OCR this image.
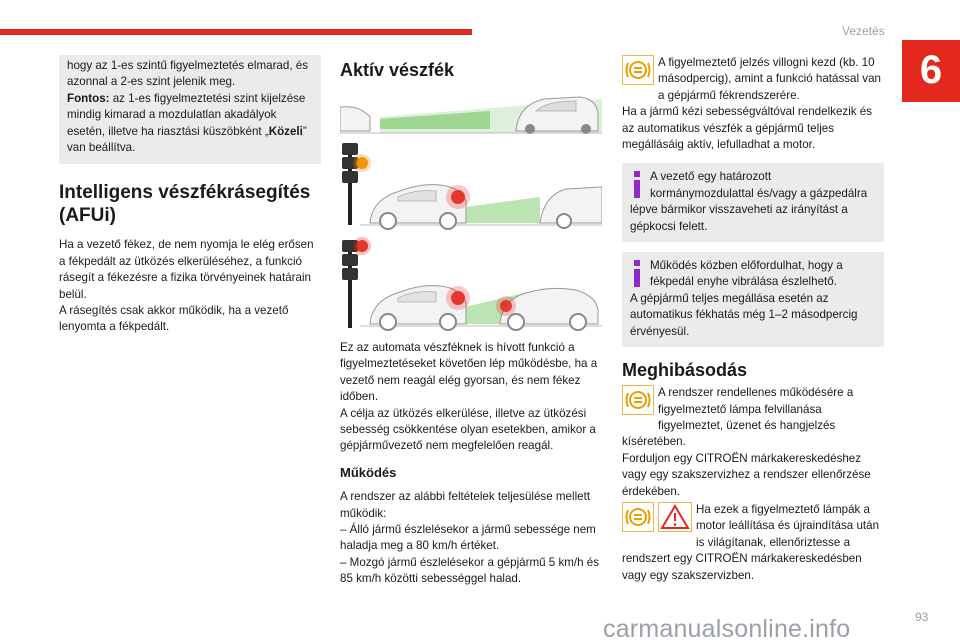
Vezetés
6

hogy az 1-es szintű figyelmeztetés elmarad, és azonnal a 2-es szint jelenik meg.

Fontos: az 1-es figyelmeztetési szint kijelzése mindig kimarad a mozdulatlan akadályok esetén, illetve ha riasztási küszöbként „Közeli” van beállítva.

Intelligens vészfékrásegítés (AFUi)

Ha a vezető fékez, de nem nyomja le elég erősen a fékpedált az ütközés elkerüléséhez, a funkció rásegít a fékezésre a fizika törvényeinek határain belül.

A rásegítés csak akkor működik, ha a vezető lenyomta a fékpedált.

Aktív vészfék

Ez az automata vészféknek is hívott funkció a figyelmeztetéseket követően lép működésbe, ha a vezető nem reagál elég gyorsan, és nem fékez időben.

A célja az ütközés elkerülése, illetve az ütközési sebesség csökkentése olyan esetekben, amikor a gépjárművezető nem megfelelően reagál.

Működés

A rendszer az alábbi feltételek teljesülése mellett működik:

– Álló jármű észlelésekor a jármű sebessége nem haladja meg a 80 km/h értéket.

– Mozgó jármű észlelésekor a gépjármű 5 km/h és 85 km/h közötti sebességgel halad.

A figyelmeztető jelzés villogni kezd (kb. 10 másodpercig), amint a funkció hatással van a gépjármű fékrendszerére.

Ha a jármű kézi sebességváltóval rendelkezik és az automatikus vészfék a gépjármű teljes megállásáig aktív, lefulladhat a motor.

A vezető egy határozott kormánymozdulattal és/vagy a gázpedálra lépve bármikor visszaveheti az irányítást a gépkocsi felett.

Működés közben előfordulhat, hogy a fékpedál enyhe vibrálása észlelhető.

A gépjármű teljes megállása esetén az automatikus fékhatás még 1–2 másodpercig érvényesül.

Meghibásodás

A rendszer rendellenes működésére a figyelmeztető lámpa felvillanása figyelmeztet, üzenet és hangjelzés kíséretében.

Forduljon egy CITROËN márkakereskedéshez vagy egy szakszervizhez a rendszer ellenőrzése érdekében.

Ha ezek a figyelmeztető lámpák a motor leállítása és újraindítása után is világítanak, ellenőriztesse a rendszert egy CITROËN márkakereskedésben vagy egy szakszervizben.

carmanualsonline.info	93
